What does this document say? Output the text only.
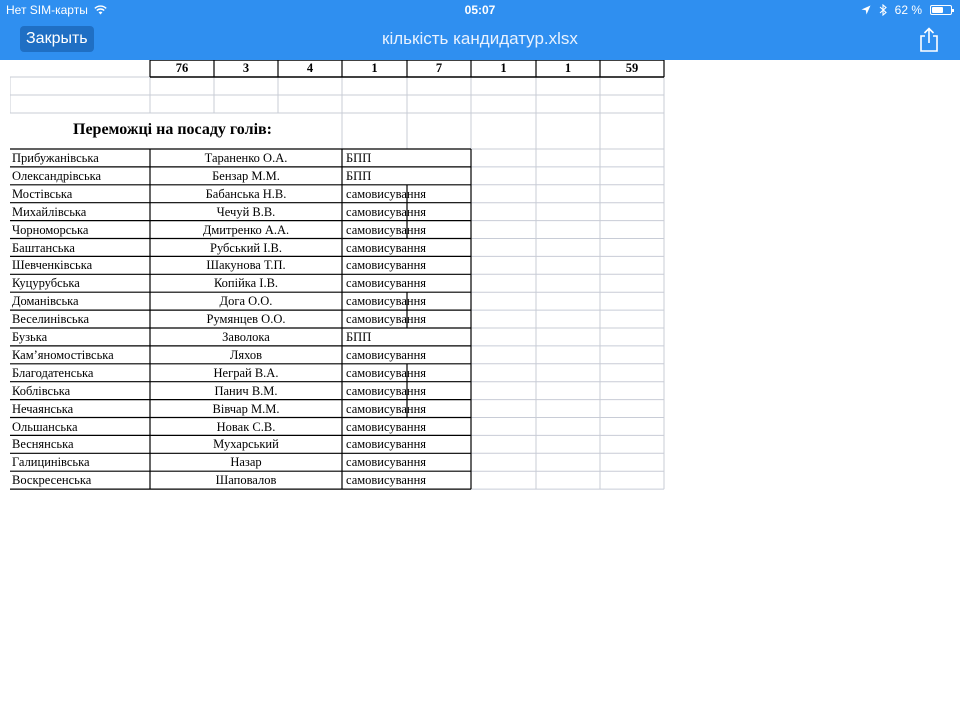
Нет SIM-карты	05:07	62 %
Закрыть	кількість кандидатур.xlsx
76	3	4	1	7	1	1	59
Переможці на посаду голів:
Прибужанівська	Тараненко О.А.	БПП
Олександрівська	Бензар М.М.	БПП
Мостівська	Бабанська Н.В.	самовисування
Михайлівська	Чечуй В.В.	самовисування
Чорноморська	Дмитренко А.А.	самовисування
Баштанська	Рубський І.В.	самовисування
Шевченківська	Шакунова Т.П.	самовисування
Куцурубська	Копійка І.В.	самовисування
Доманівська	Дога О.О.	самовисування
Веселинівська	Румянцев О.О.	самовисування
Бузька	Заволока	БПП
Кам’яномостівська	Ляхов	самовисування
Благодатенська	Неграй В.А.	самовисування
Коблівська	Панич В.М.	самовисування
Нечаянська	Вівчар М.М.	самовисування
Ольшанська	Новак С.В.	самовисування
Веснянська	Мухарський	самовисування
Галицинівська	Назар	самовисування
Воскресенська	Шаповалов	самовисування
